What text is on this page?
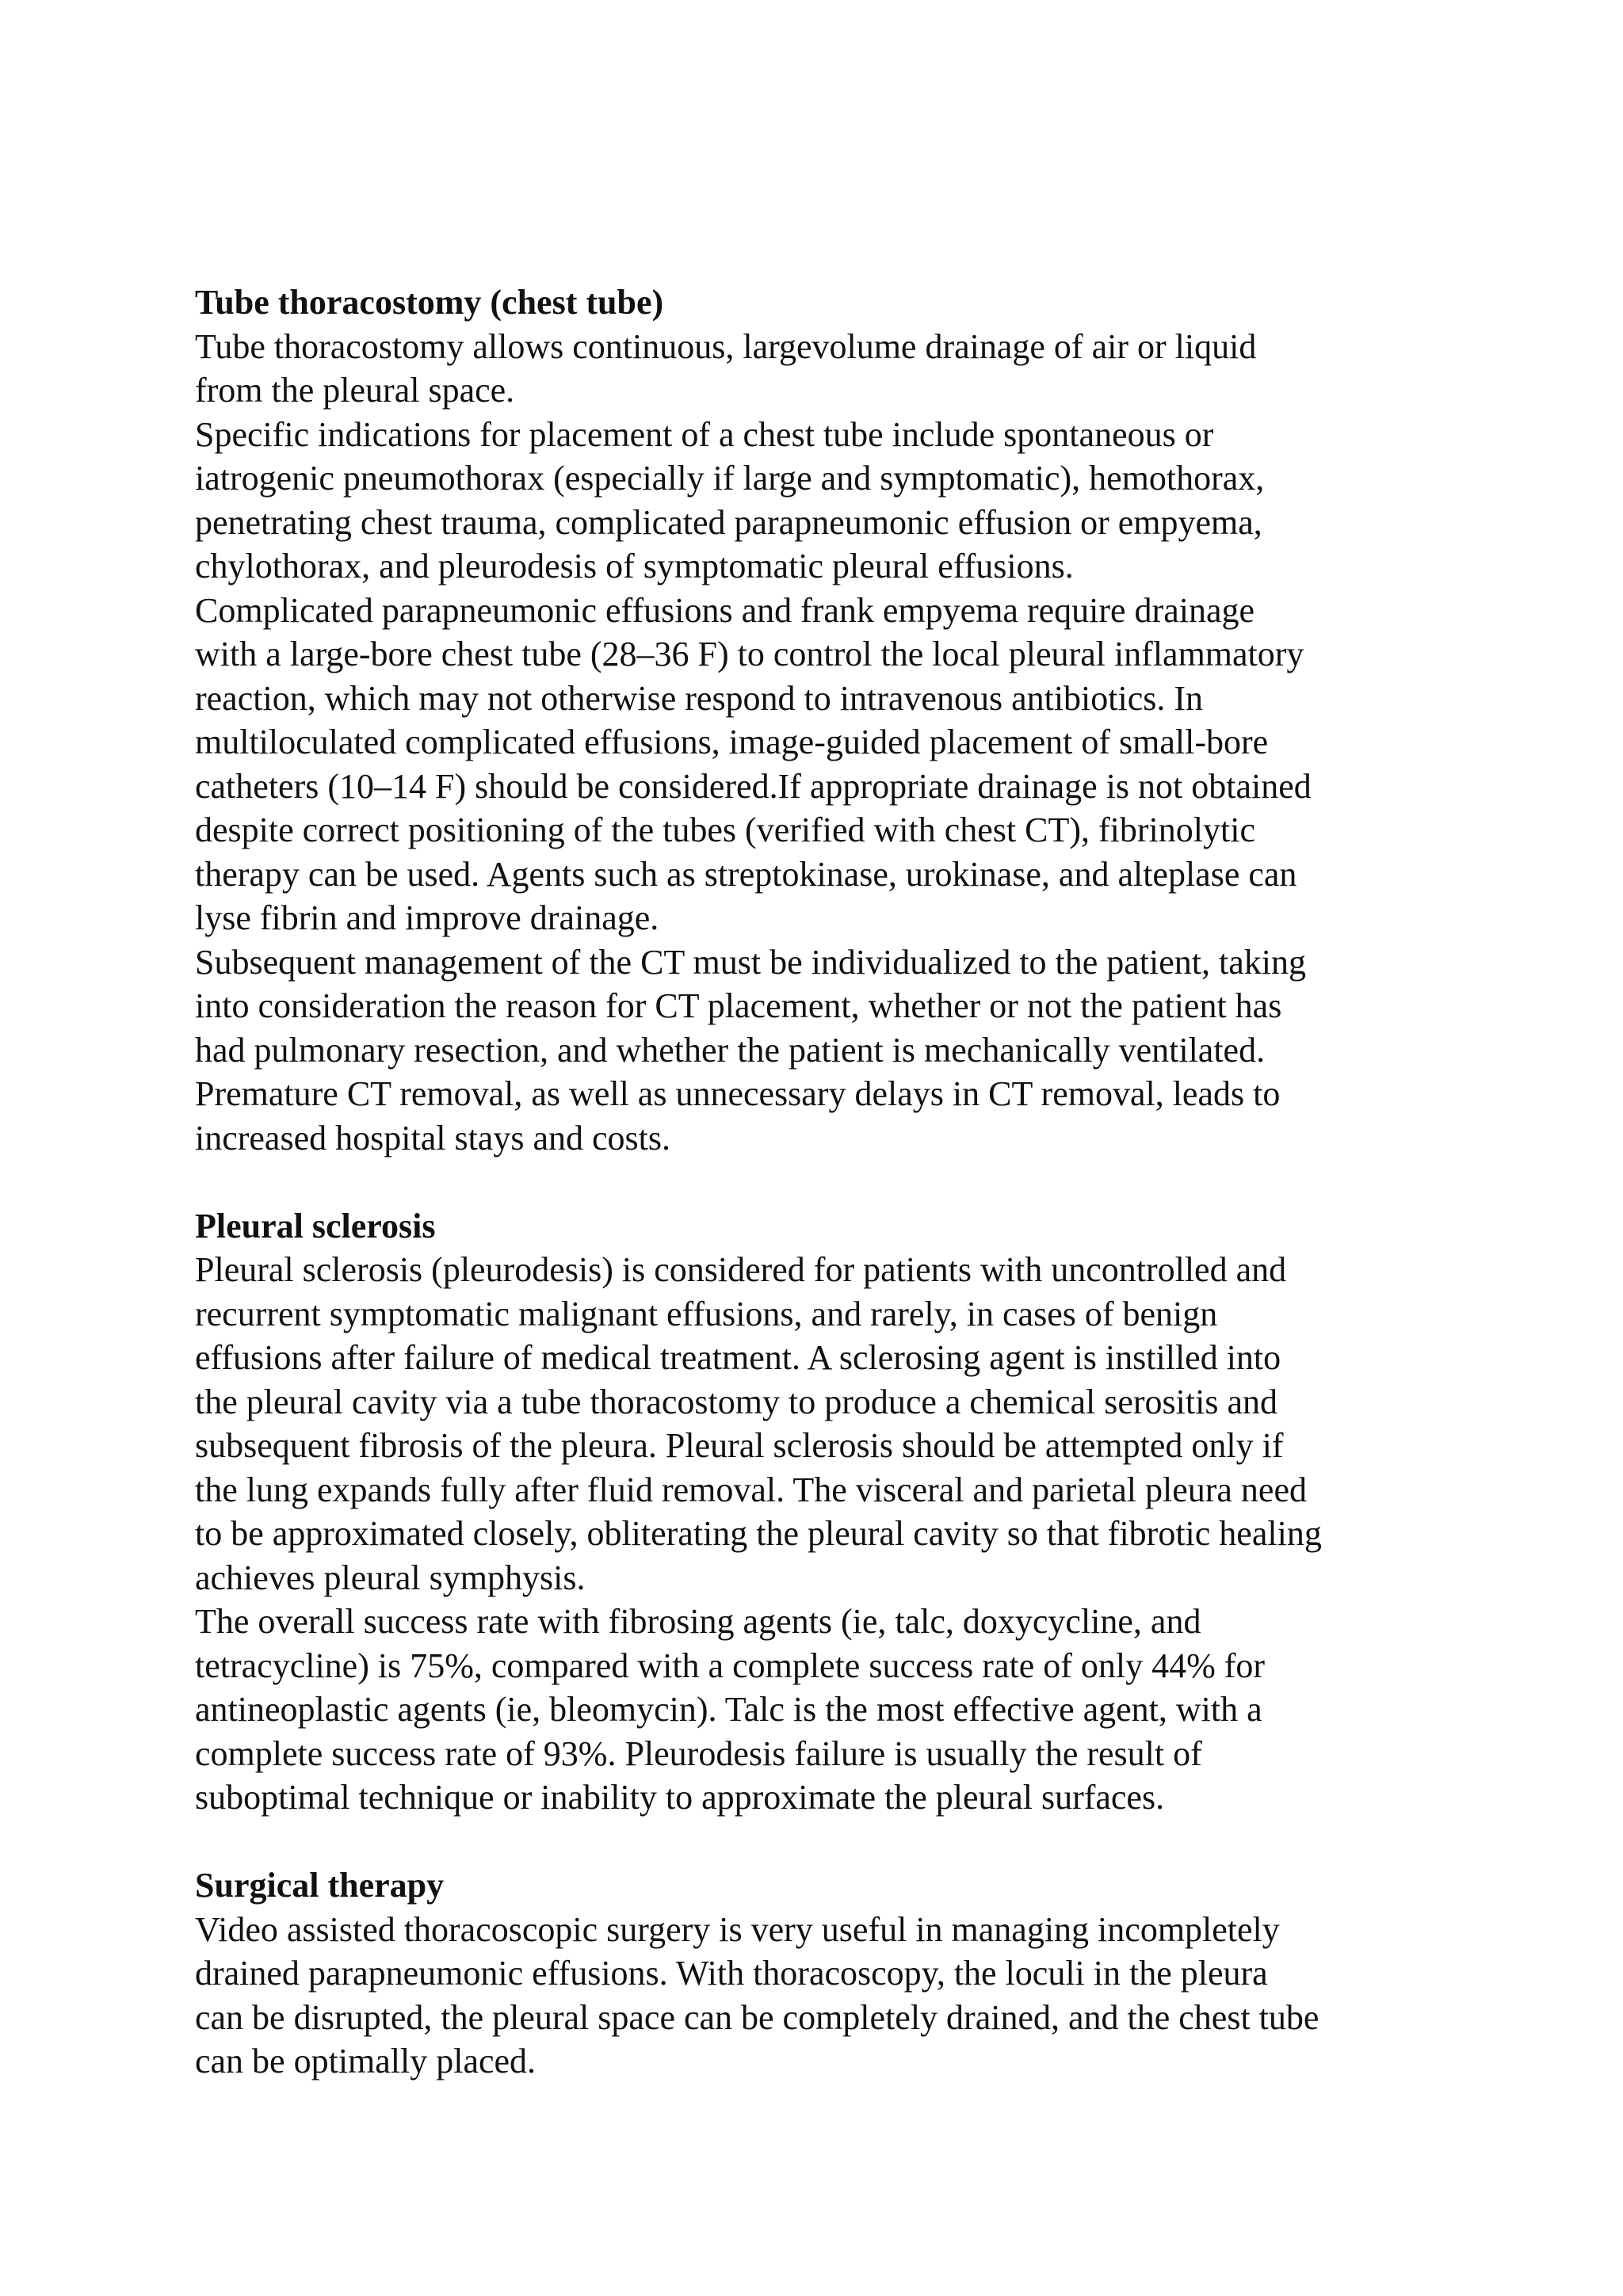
Tube thoracostomy (chest tube)

Tube thoracostomy allows continuous, largevolume drainage of air or liquid
from the pleural space.

Specific indications for placement of a chest tube include spontaneous or
iatrogenic pneumothorax (especially if large and symptomatic), hemothorax,
penetrating chest trauma, complicated parapneumonic effusion or empyema,
chylothorax, and pleurodesis of symptomatic pleural effusions.

Complicated parapneumonic effusions and frank empyema require drainage
with a large-bore chest tube (28–36 F) to control the local pleural inflammatory
reaction, which may not otherwise respond to intravenous antibiotics. In
multiloculated complicated effusions, image-guided placement of small-bore
catheters (10–14 F) should be considered.If appropriate drainage is not obtained
despite correct positioning of the tubes (verified with chest CT), fibrinolytic
therapy can be used. Agents such as streptokinase, urokinase, and alteplase can
lyse fibrin and improve drainage.

Subsequent management of the CT must be individualized to the patient, taking
into consideration the reason for CT placement, whether or not the patient has
had pulmonary resection, and whether the patient is mechanically ventilated.
Premature CT removal, as well as unnecessary delays in CT removal, leads to
increased hospital stays and costs.

Pleural sclerosis

Pleural sclerosis (pleurodesis) is considered for patients with uncontrolled and
recurrent symptomatic malignant effusions, and rarely, in cases of benign
effusions after failure of medical treatment. A sclerosing agent is instilled into
the pleural cavity via a tube thoracostomy to produce a chemical serositis and
subsequent fibrosis of the pleura. Pleural sclerosis should be attempted only if
the lung expands fully after fluid removal. The visceral and parietal pleura need
to be approximated closely, obliterating the pleural cavity so that fibrotic healing
achieves pleural symphysis.

The overall success rate with fibrosing agents (ie, talc, doxycycline, and
tetracycline) is 75%, compared with a complete success rate of only 44% for
antineoplastic agents (ie, bleomycin). Talc is the most effective agent, with a
complete success rate of 93%. Pleurodesis failure is usually the result of
suboptimal technique or inability to approximate the pleural surfaces.

Surgical therapy

Video assisted thoracoscopic surgery is very useful in managing incompletely
drained parapneumonic effusions. With thoracoscopy, the loculi in the pleura
can be disrupted, the pleural space can be completely drained, and the chest tube
can be optimally placed.
